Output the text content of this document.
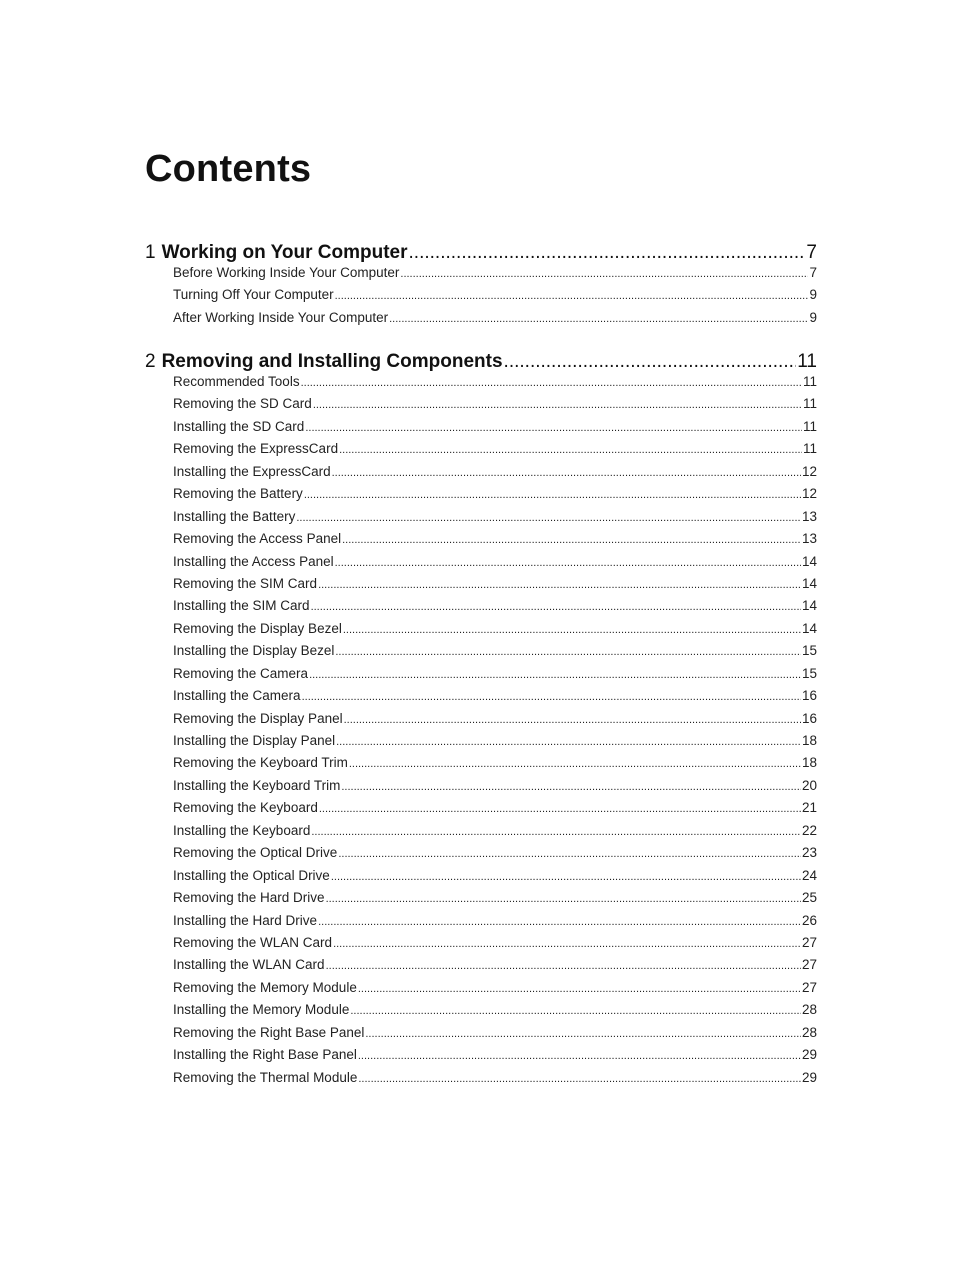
Contents
1 Working on Your Computer .....	7
Before Working Inside Your Computer .....	7
Turning Off Your Computer .....	9
After Working Inside Your Computer .....	9
2 Removing and Installing Components .....	11
Recommended Tools .....	11
Removing the SD Card .....	11
Installing the SD Card .....	11
Removing the ExpressCard .....	11
Installing the ExpressCard .....	12
Removing the Battery .....	12
Installing the Battery .....	13
Removing the Access Panel .....	13
Installing the Access Panel .....	14
Removing the SIM Card .....	14
Installing the SIM Card .....	14
Removing the Display Bezel .....	14
Installing the Display Bezel .....	15
Removing the Camera .....	15
Installing the Camera .....	16
Removing the Display Panel .....	16
Installing the Display Panel .....	18
Removing the Keyboard Trim .....	18
Installing the Keyboard Trim .....	20
Removing the Keyboard .....	21
Installing the Keyboard .....	22
Removing the Optical Drive .....	23
Installing the Optical Drive .....	24
Removing the Hard Drive .....	25
Installing the Hard Drive .....	26
Removing the WLAN Card .....	27
Installing the WLAN Card .....	27
Removing the Memory Module .....	27
Installing the Memory Module .....	28
Removing the Right Base Panel .....	28
Installing the Right Base Panel .....	29
Removing the Thermal Module .....	29
